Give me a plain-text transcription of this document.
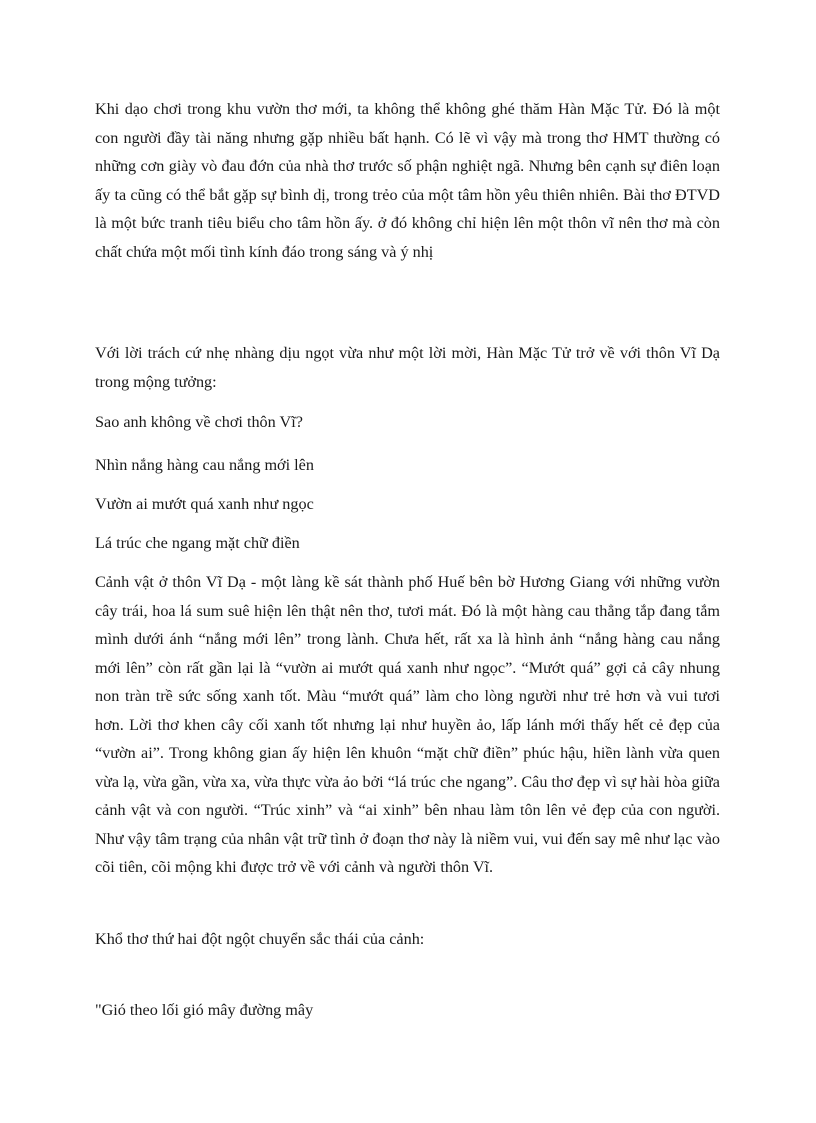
Khi dạo chơi trong khu vườn thơ mới, ta không thể không ghé thăm Hàn Mặc Tử. Đó là một con người đầy tài năng nhưng gặp nhiều bất hạnh. Có lẽ vì vậy mà trong thơ HMT thường có những cơn giày vò đau đớn của nhà thơ trước số phận nghiệt ngã. Nhưng bên cạnh sự điên loạn ấy ta cũng có thể bắt gặp sự bình dị, trong trẻo của một tâm hồn yêu thiên nhiên. Bài thơ ĐTVD là một bức tranh tiêu biểu cho tâm hồn ấy. ở đó không chỉ hiện lên một thôn vĩ nên thơ mà còn chất chứa một mối tình kính đáo trong sáng và ý nhị

Với lời trách cứ nhẹ nhàng dịu ngọt vừa như một lời mời, Hàn Mặc Tử trở về với thôn Vĩ Dạ trong mộng tưởng:

Sao anh không về chơi thôn Vĩ?

Nhìn nắng hàng cau nắng mới lên

Vườn ai mướt quá xanh như ngọc

Lá trúc che ngang mặt chữ điền

Cảnh vật ở thôn Vĩ Dạ - một làng kề sát thành phố Huế bên bờ Hương Giang với những vườn cây trái, hoa lá sum suê hiện lên thật nên thơ, tươi mát. Đó là một hàng cau thẳng tắp đang tắm mình dưới ánh “nắng mới lên” trong lành. Chưa hết, rất xa là hình ảnh “nắng hàng cau nắng mới lên” còn rất gần lại là “vườn ai mướt quá xanh như ngọc”. “Mướt quá” gợi cả cây nhung non tràn trề sức sống xanh tốt. Màu “mướt quá” làm cho lòng người như trẻ hơn và vui tươi hơn. Lời thơ khen cây cối xanh tốt nhưng lại như huyền ảo, lấp lánh mới thấy hết cẻ đẹp của “vườn ai”. Trong không gian ấy hiện lên khuôn “mặt chữ điền” phúc hậu, hiền lành vừa quen vừa lạ, vừa gần, vừa xa, vừa thực vừa ảo bởi “lá trúc che ngang”. Câu thơ đẹp vì sự hài hòa giữa cảnh vật và con người. “Trúc xinh” và “ai xinh” bên nhau làm tôn lên vẻ đẹp của con người. Như vậy tâm trạng của nhân vật trữ tình ở đoạn thơ này là niềm vui, vui đến say mê như lạc vào cõi tiên, cõi mộng khi được trở về với cảnh và người thôn Vĩ.

Khổ thơ thứ hai đột ngột chuyển sắc thái của cảnh:

"Gió theo lối gió mây đường mây
